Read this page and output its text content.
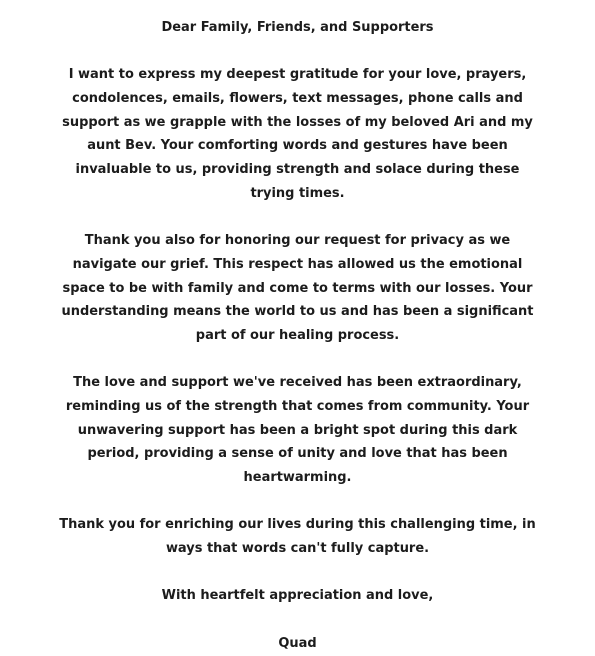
Dear Family, Friends, and Supporters
I want to express my deepest gratitude for your love, prayers,
condolences, emails, flowers, text messages, phone calls and
support as we grapple with the losses of my beloved Ari and my
aunt Bev. Your comforting words and gestures have been
invaluable to us, providing strength and solace during these
trying times.
Thank you also for honoring our request for privacy as we
navigate our grief. This respect has allowed us the emotional
space to be with family and come to terms with our losses. Your
understanding means the world to us and has been a significant
part of our healing process.
The love and support we've received has been extraordinary,
reminding us of the strength that comes from community. Your
unwavering support has been a bright spot during this dark
period, providing a sense of unity and love that has been
heartwarming.
Thank you for enriching our lives during this challenging time, in
ways that words can't fully capture.
With heartfelt appreciation and love,
Quad
